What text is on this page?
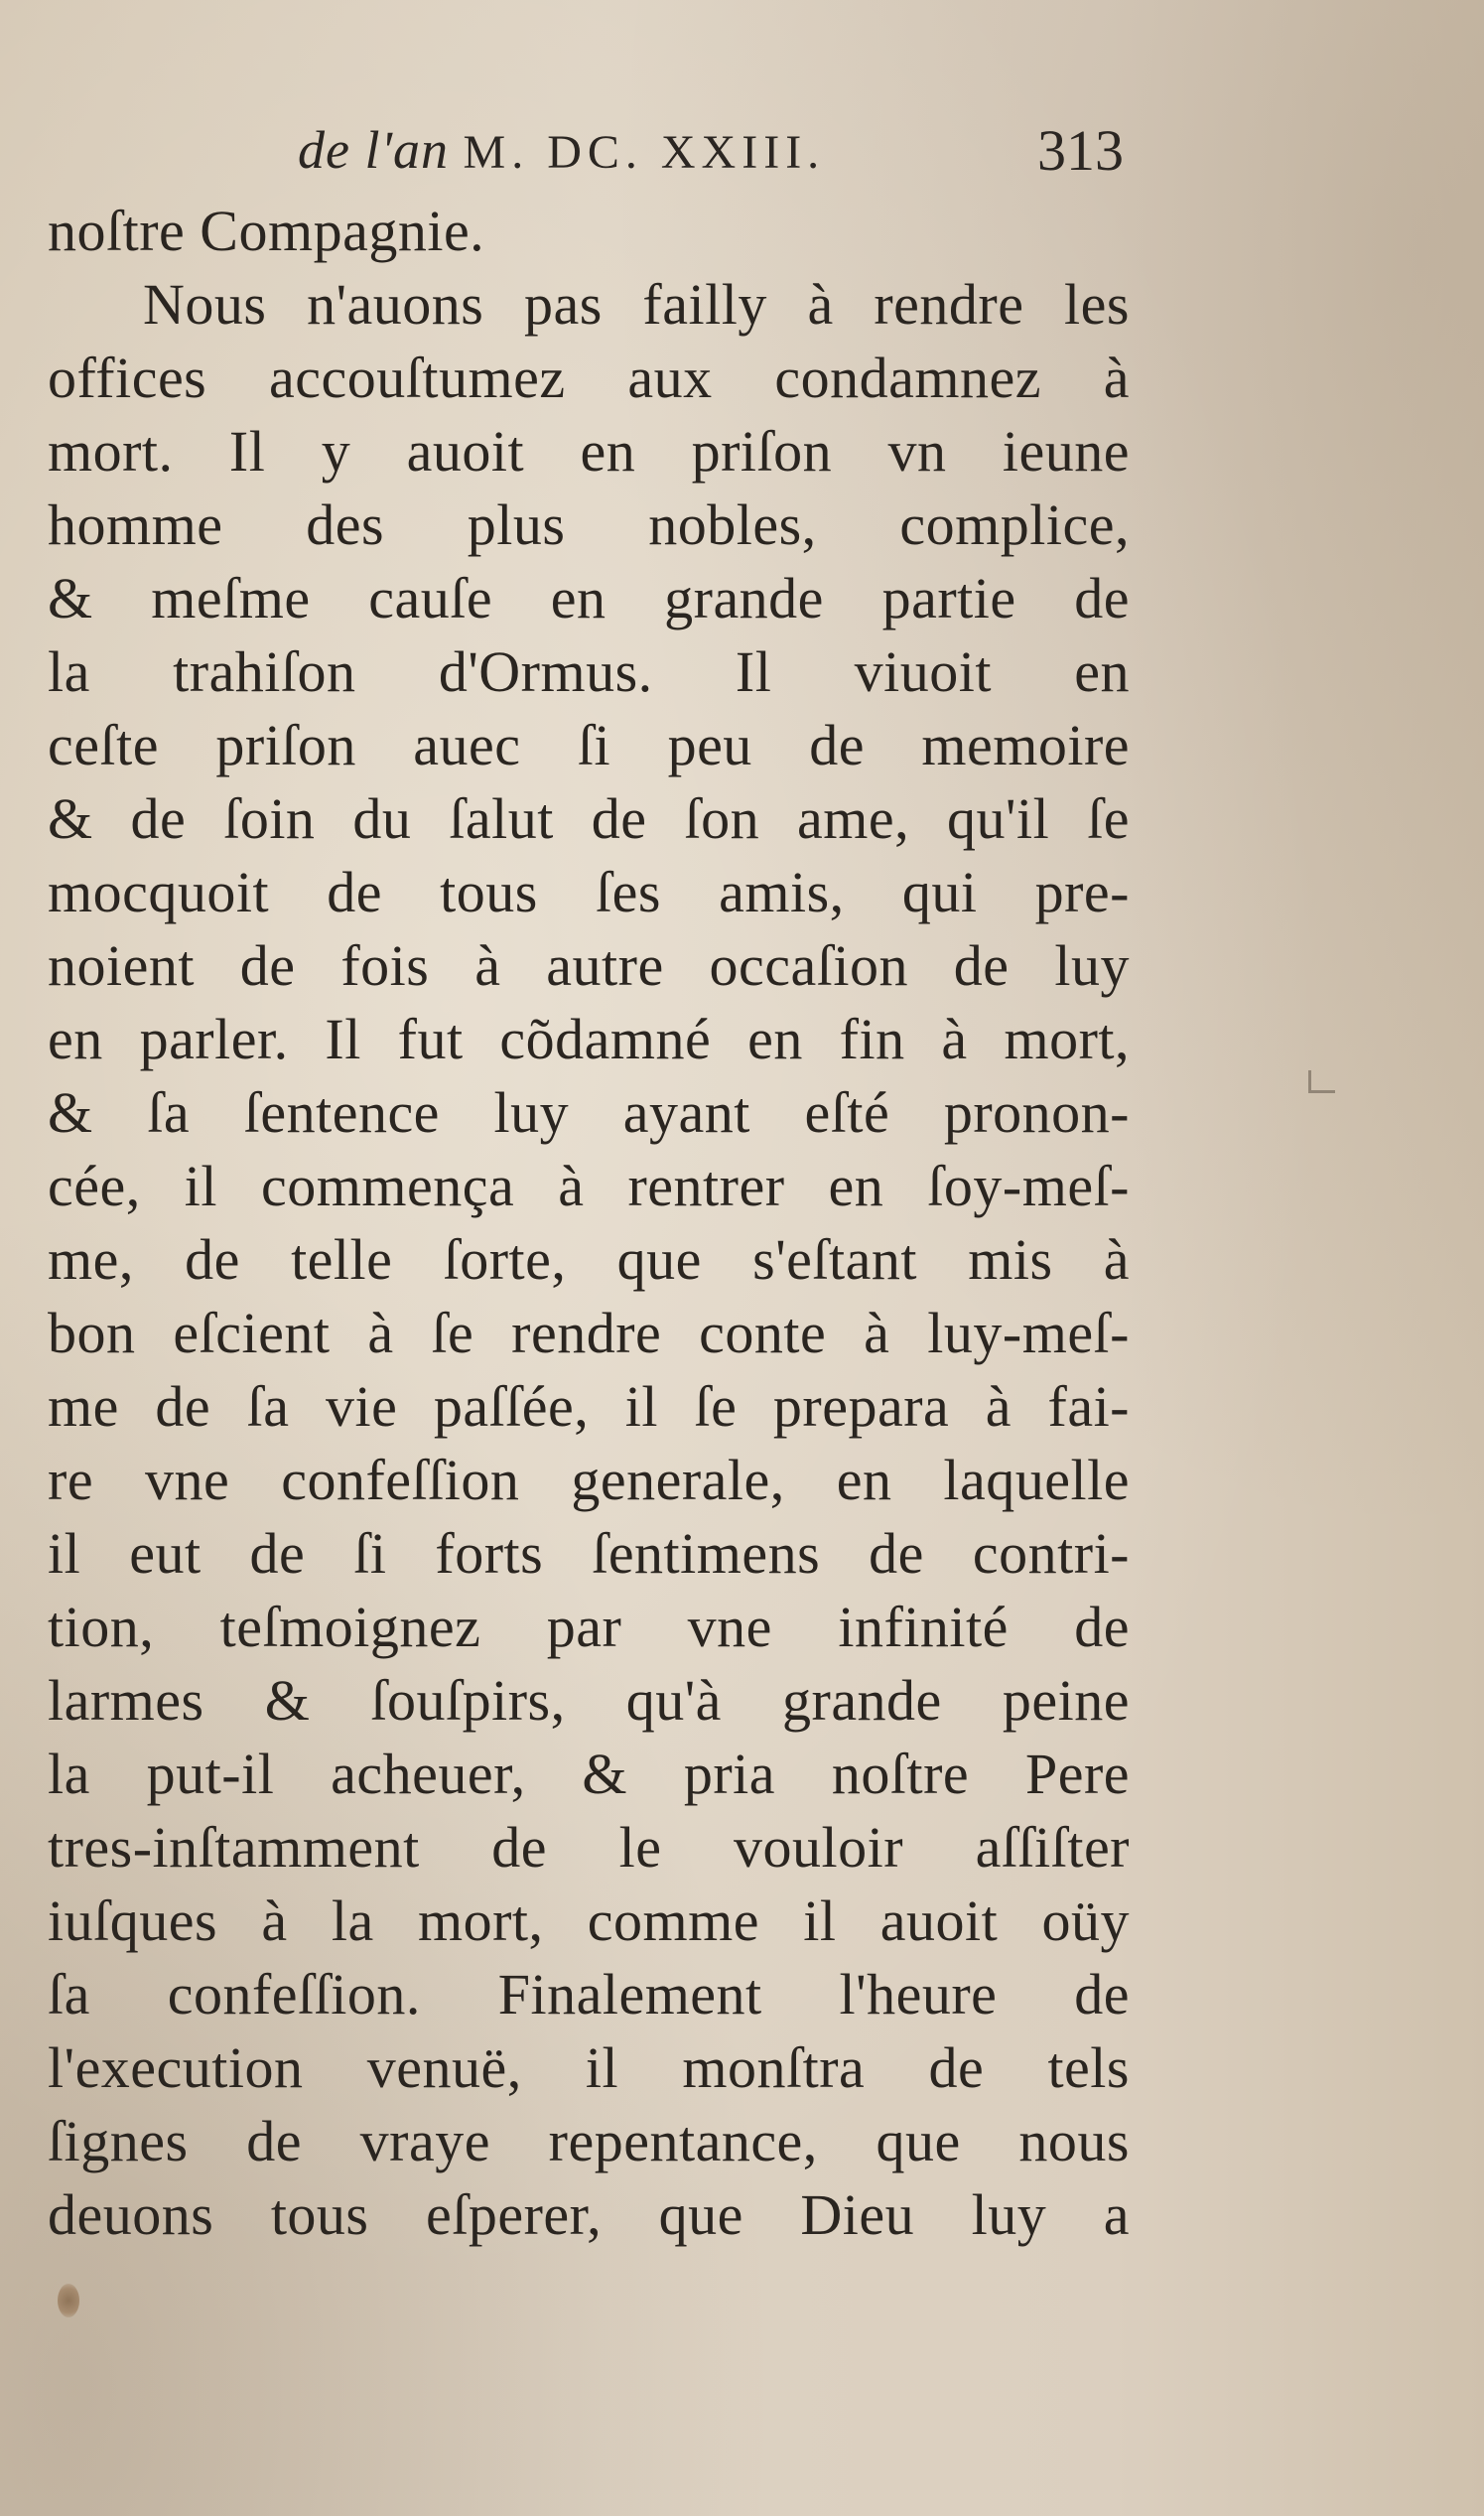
de l'an M. DC. XXIII.	313
noſtre Compagnie.
Nous n'auons pas failly à rendre les
offices accouſtumez aux condamnez à
mort. Il y auoit en priſon vn ieune
homme des plus nobles, complice,
& meſme cauſe en grande partie de
la trahiſon d'Ormus. Il viuoit en
ceſte priſon auec ſi peu de memoire
& de ſoin du ſalut de ſon ame, qu'il ſe
mocquoit de tous ſes amis, qui pre-
noient de fois à autre occaſion de luy
en parler. Il fut cõdamné en fin à mort,
& ſa ſentence luy ayant eſté pronon-
cée, il commença à rentrer en ſoy-meſ-
me, de telle ſorte, que s'eſtant mis à
bon eſcient à ſe rendre conte à luy-meſ-
me de ſa vie paſſée, il ſe prepara à fai-
re vne confeſſion generale, en laquelle
il eut de ſi forts ſentimens de contri-
tion, teſmoignez par vne infinité de
larmes & ſouſpirs, qu'à grande peine
la put-il acheuer, & pria noſtre Pere
tres-inſtamment de le vouloir aſſiſter
iuſques à la mort, comme il auoit oüy
ſa confeſſion. Finalement l'heure de
l'execution venuë, il monſtra de tels
ſignes de vraye repentance, que nous
deuons tous eſperer, que Dieu luy a
